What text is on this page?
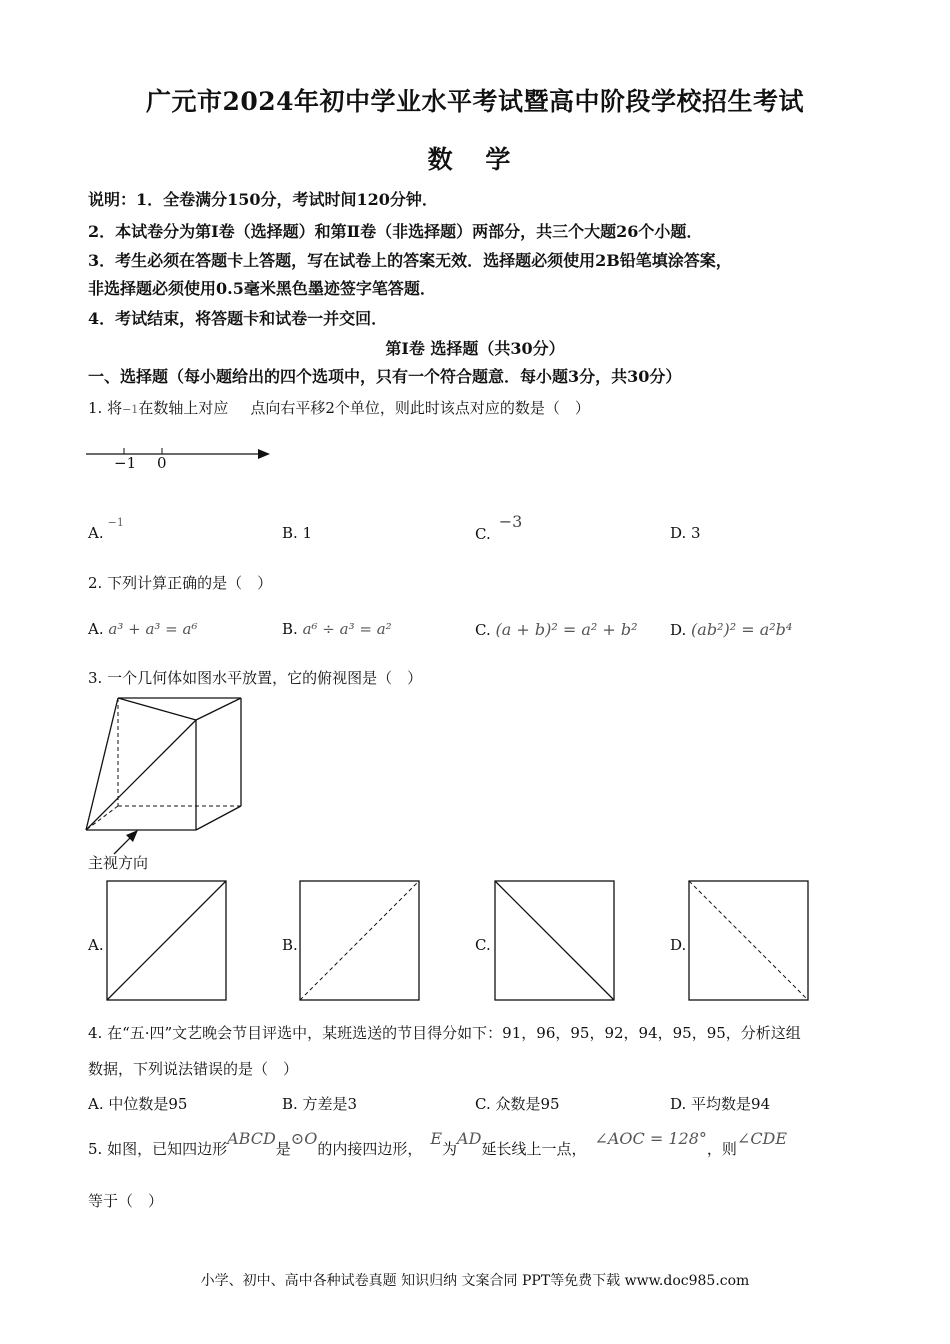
广元市2024年初中学业水平考试暨高中阶段学校招生考试
数 学
说明：1．全卷满分150分，考试时间120分钟．
2．本试卷分为第Ⅰ卷（选择题）和第Ⅱ卷（非选择题）两部分，共三个大题26个小题．
3．考生必须在答题卡上答题，写在试卷上的答案无效．选择题必须使用2B铅笔填涂答案，
非选择题必须使用0.5毫米黑色墨迹签字笔答题．
4．考试结束，将答题卡和试卷一并交回．
第Ⅰ卷 选择题（共30分）
一、选择题（每小题给出的四个选项中，只有一个符合题意．每小题3分，共30分）
1. 将−1在数轴上对应 点向右平移2个单位，则此时该点对应的数是（　）
−1 0
A.$^{-1}$
B. 1	C.−3
D. 3
2. 下列计算正确的是（　）
A. a³ + a³ = a⁶	B. a⁶ ÷ a³ = a²	C. (a + b)² = a² + b² D. (ab²)² = a²b⁴
3. 一个几何体如图水平放置，它的俯视图是（　）
主视方向
A.	B.	C.	D.
4. 在“五·四”文艺晚会节目评选中，某班选送的节目得分如下：91，96，95，92，94，95，95，分析这组
数据，下列说法错误的是（　）
A. 中位数是95	B. 方差是3	C. 众数是95	D. 平均数是94
5. 如图，已知四边形ABCD是⊙O的内接四边形，E为AD延长线上一点，∠AOC = 128°，则∠CDE
等于（　）
小学、初中、高中各种试卷真题 知识归纳 文案合同 PPT等免费下载 www.doc985.com
